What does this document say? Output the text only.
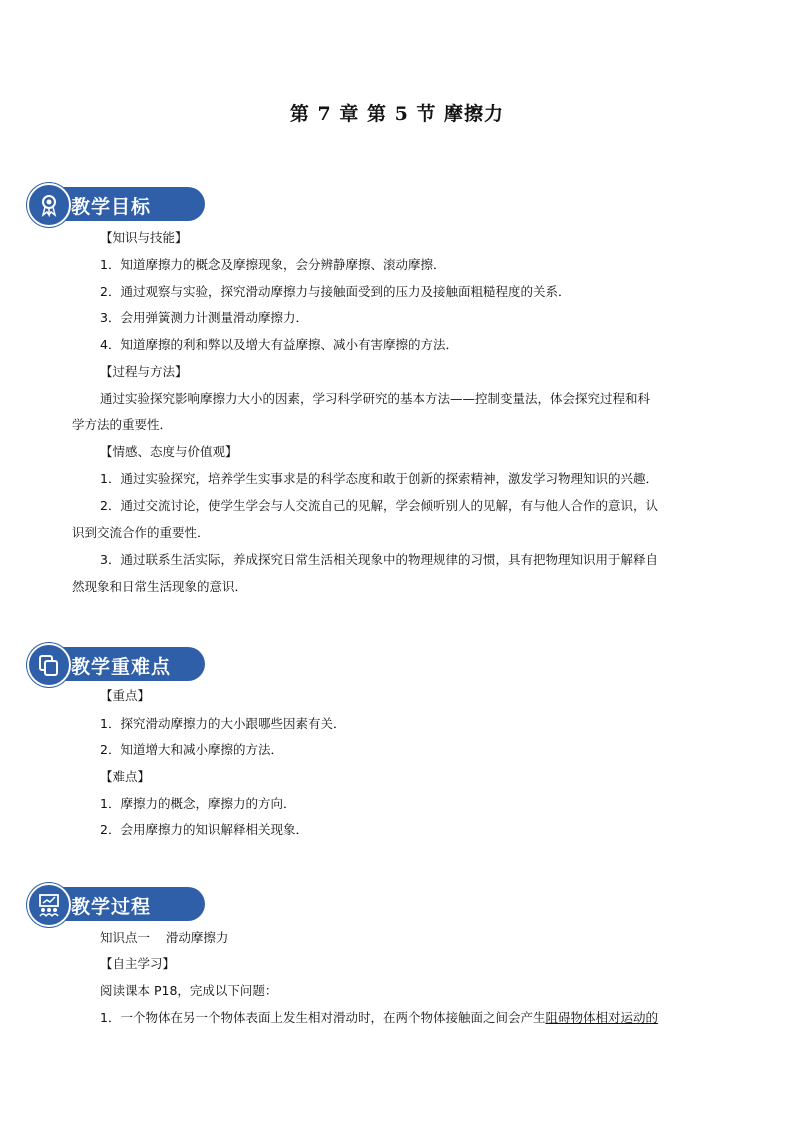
第 7 章 第 5 节 摩擦力
教学目标
【知识与技能】
1．知道摩擦力的概念及摩擦现象，会分辨静摩擦、滚动摩擦．
2．通过观察与实验，探究滑动摩擦力与接触面受到的压力及接触面粗糙程度的关系．
3．会用弹簧测力计测量滑动摩擦力．
4．知道摩擦的利和弊以及增大有益摩擦、减小有害摩擦的方法．
【过程与方法】
通过实验探究影响摩擦力大小的因素，学习科学研究的基本方法——控制变量法，体会探究过程和科
学方法的重要性．
【情感、态度与价值观】
1．通过实验探究，培养学生实事求是的科学态度和敢于创新的探索精神，激发学习物理知识的兴趣．
2．通过交流讨论，使学生学会与人交流自己的见解，学会倾听别人的见解，有与他人合作的意识，认
识到交流合作的重要性．
3．通过联系生活实际，养成探究日常生活相关现象中的物理规律的习惯，具有把物理知识用于解释自
然现象和日常生活现象的意识．
教学重难点
【重点】
1．探究滑动摩擦力的大小跟哪些因素有关．
2．知道增大和减小摩擦的方法．
【难点】
1．摩擦力的概念，摩擦力的方向．
2．会用摩擦力的知识解释相关现象．
教学过程
知识点一    滑动摩擦力
【自主学习】
阅读课本 P18，完成以下问题：
1．一个物体在另一个物体表面上发生相对滑动时，在两个物体接触面之间会产生阻碍物体相对运动的
